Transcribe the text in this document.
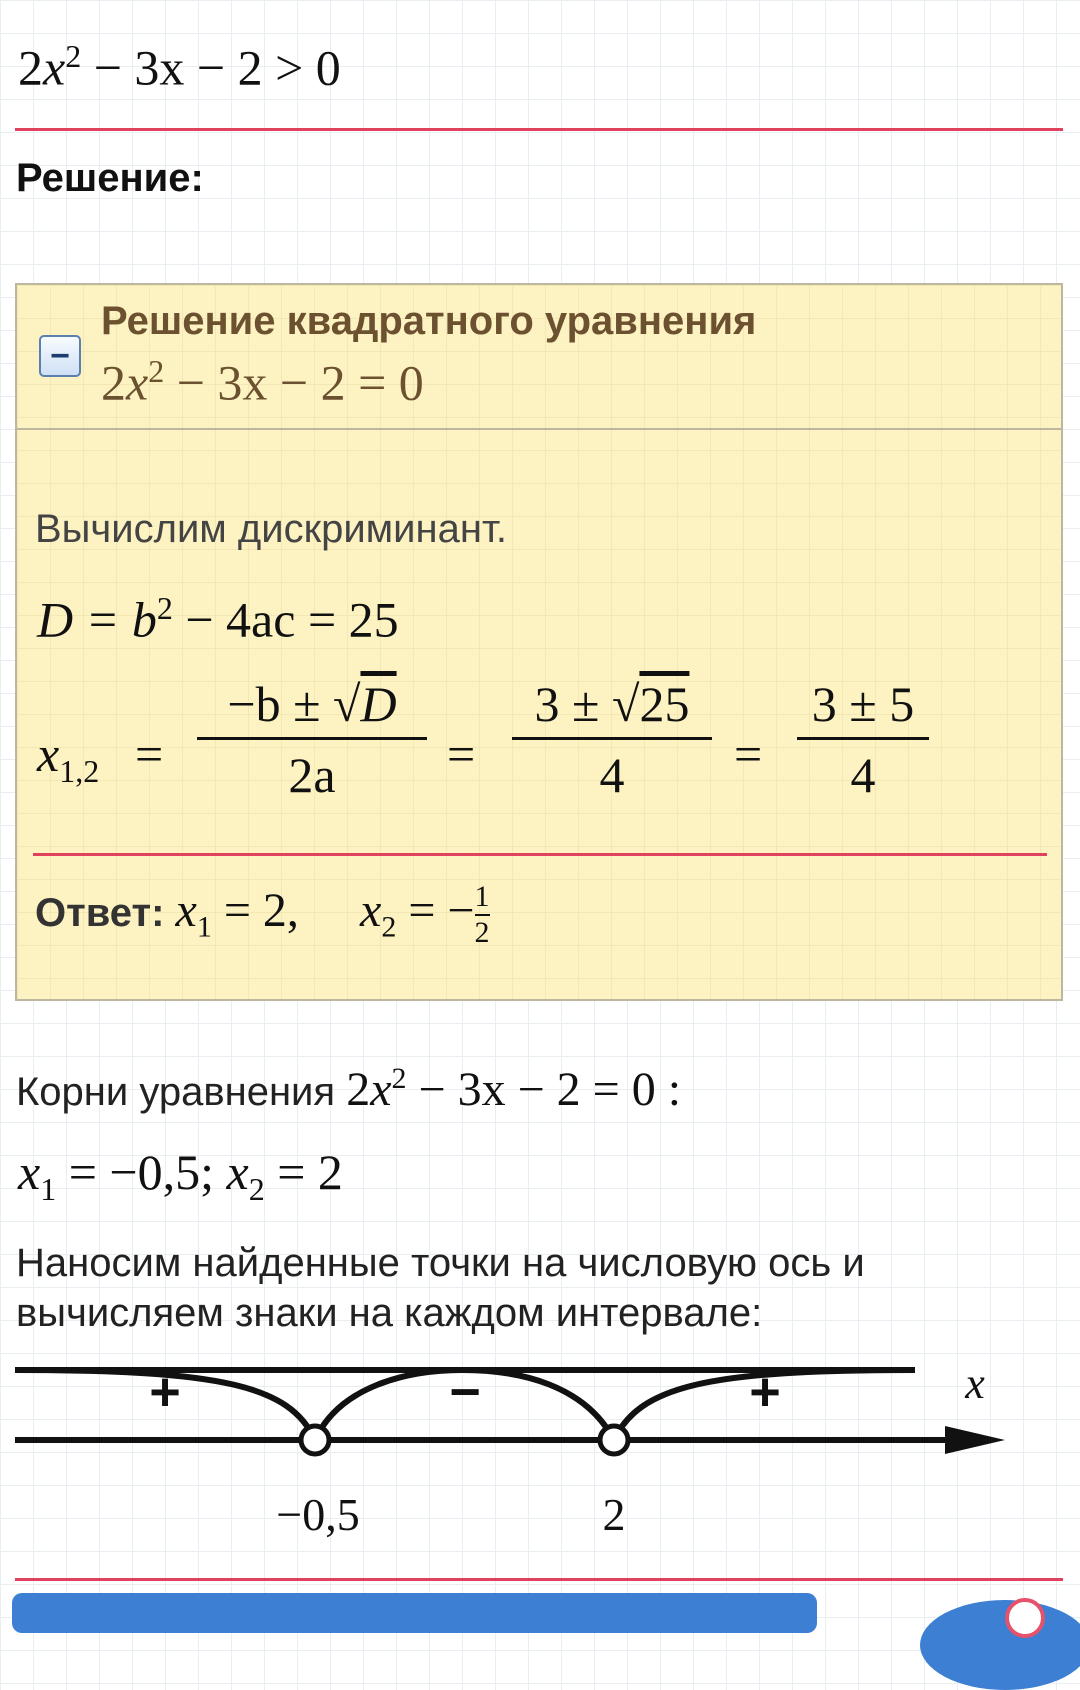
$2x^2 - 3x - 2 > 0$
Решение:
−
Решение квадратного уравнения
$2x^2 - 3x - 2 = 0$
Вычислим дискриминант.
$D = b^2 - 4ac = 25$
$x_{1,2}$ =
−b ± √D
2a	=
3 ± √25
4	=
3 ± 5
4
Ответ: $x_1 = 2$, $x_2$ = − $\frac{1}{2}$
Корни уравнения $2x^2 - 3x - 2 = 0$ :
$x_1 = -0,5$; $x_2 = 2$
Наносим найденные точки на числовую ось и вычисляем знаки на каждом интервале:
+	−	+	x
−0,5	2
